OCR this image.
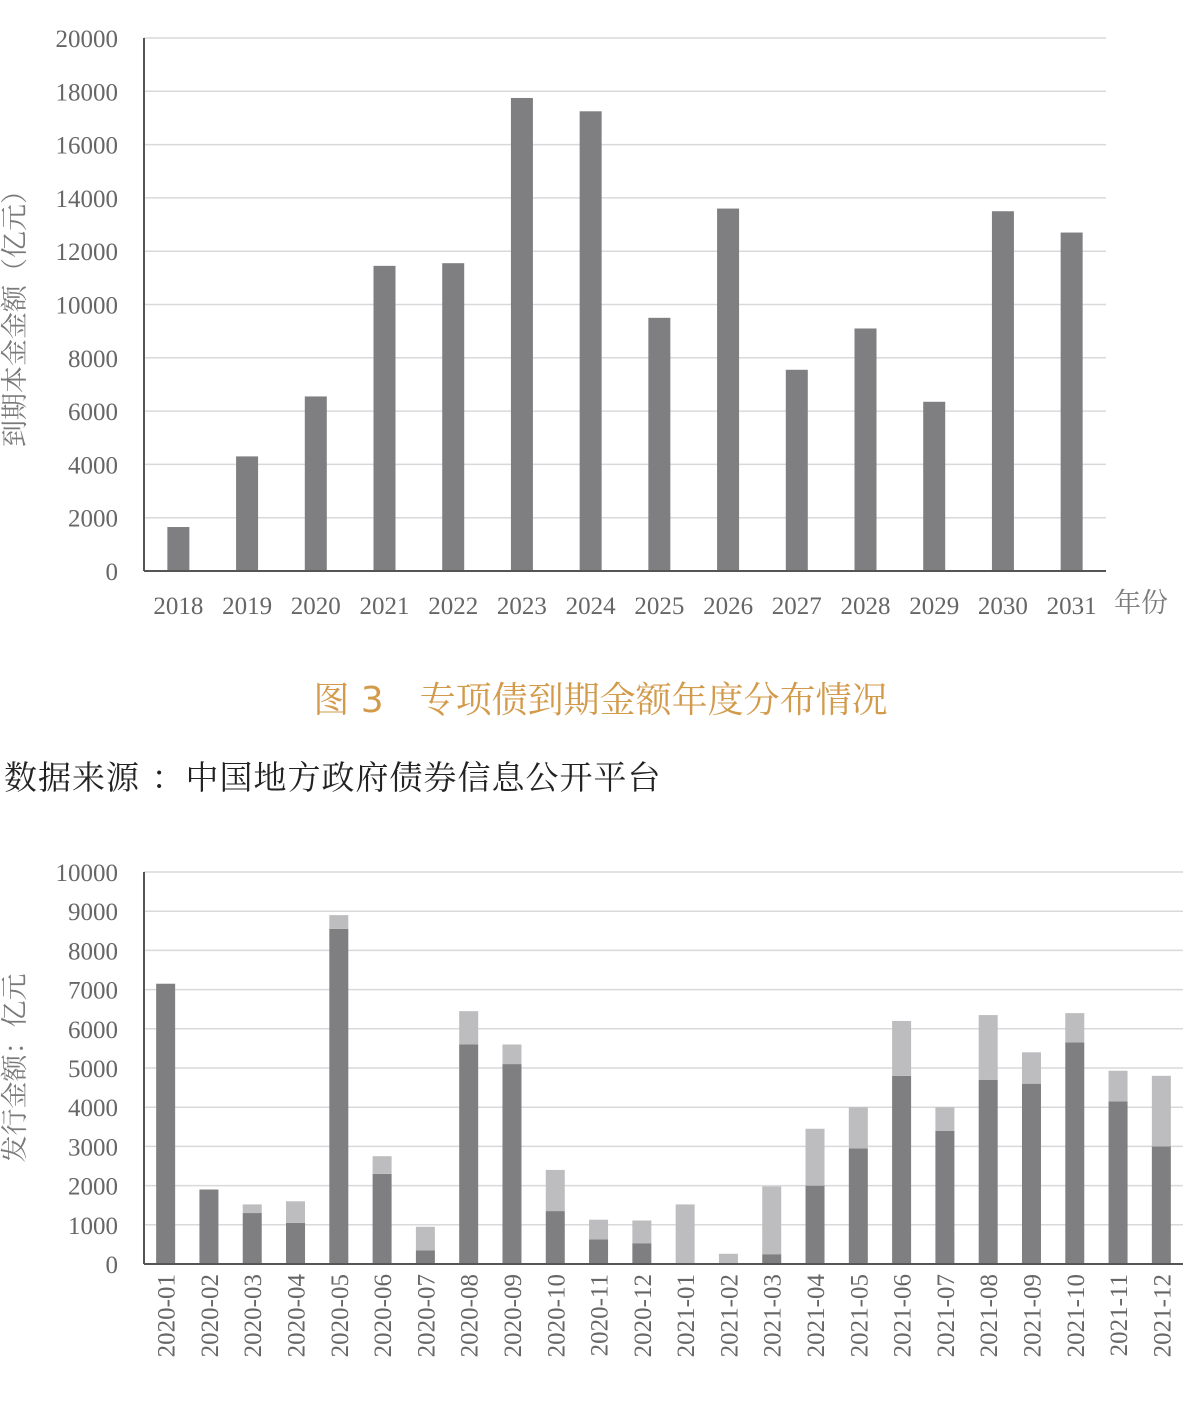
0
2000
4000
6000
8000
10000
12000
14000
16000
18000
20000
2018 2019 2020 2021 2022 2023 2024 2025 2026 2027 2028 2029 2030 2031
到期本金金额（亿元）
年份
图 3　专项债到期金额年度分布情况
数据来源 ：中国地方政府债券信息公开平台
0
1000
2000
3000
4000
5000
6000
7000
8000
9000
10000
2020-01 2020-02 2020-03 2020-04 2020-05 2020-06 2020-07 2020-08 2020-09 2020-10 2020-11 2020-12 2021-01 2021-02 2021-03 2021-04 2021-05 2021-06 2021-07 2021-08 2021-09 2021-10 2021-11 2021-12
发行金额：亿元
